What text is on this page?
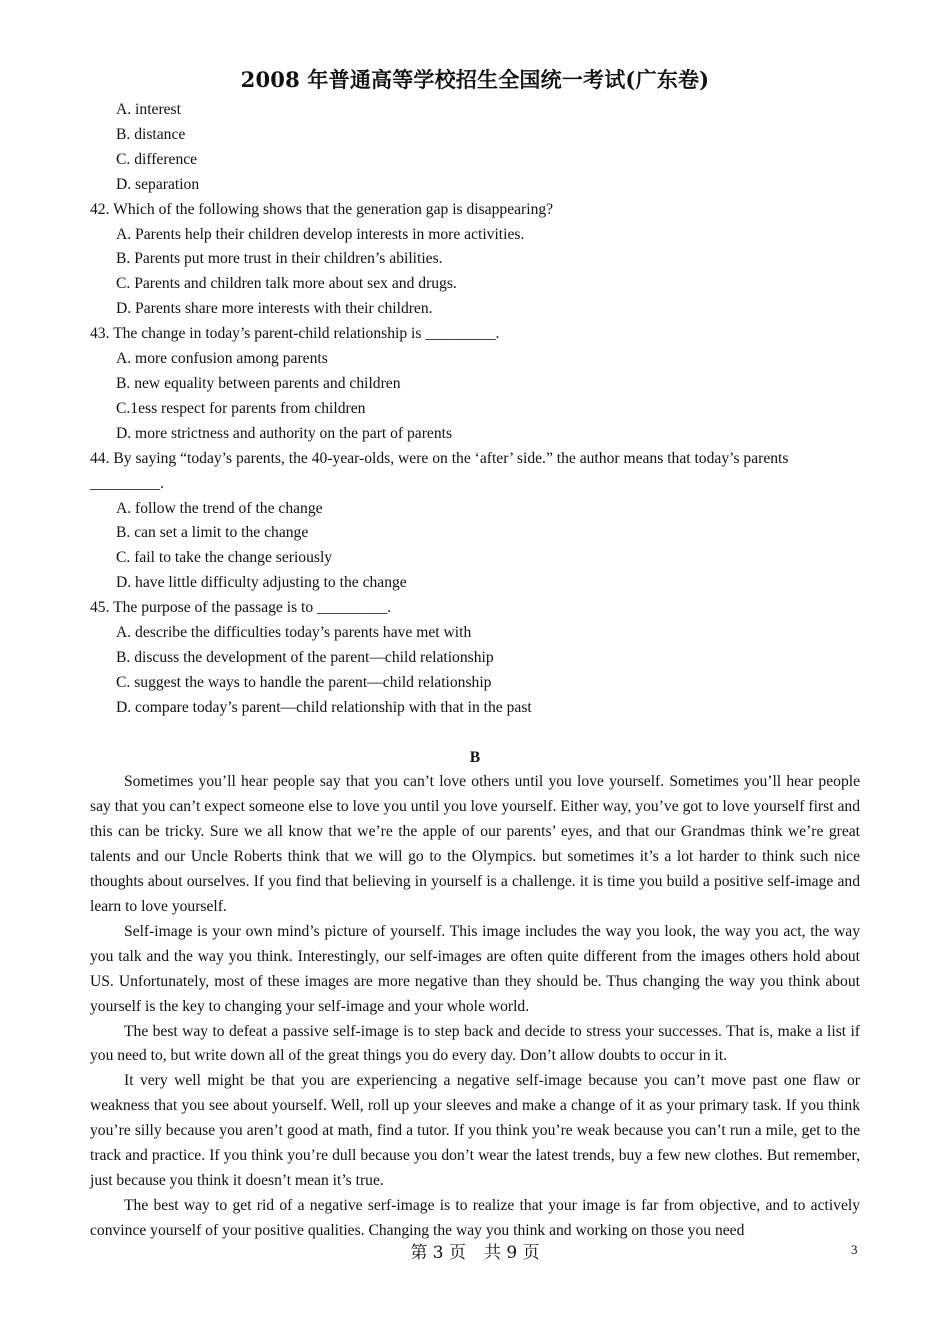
2008 年普通高等学校招生全国统一考试(广东卷)
A. interest
B. distance
C. difference
D. separation
42. Which of the following shows that the generation gap is disappearing?
A. Parents help their children develop interests in more activities.
B. Parents put more trust in their children’s abilities.
C. Parents and children talk more about sex and drugs.
D. Parents share more interests with their children.
43. The change in today’s parent-child relationship is _________.
A. more confusion among parents
B. new equality between parents and children
C.1ess respect for parents from children
D. more strictness and authority on the part of parents
44. By saying “today’s parents, the 40-year-olds, were on the ‘after’ side.” the author means that today’s parents
_________.
A. follow the trend of the change
B. can set a limit to the change
C. fail to take the change seriously
D. have little difficulty adjusting to the change
45. The purpose of the passage is to _________.
A. describe the difficulties today’s parents have met with
B. discuss the development of the parent—child relationship
C. suggest the ways to handle the parent—child relationship
D. compare today’s parent—child relationship with that in the past
B
Sometimes you’ll hear people say that you can’t love others until you love yourself. Sometimes you’ll hear people say that you can’t expect someone else to love you until you love yourself. Either way, you’ve got to love yourself first and this can be tricky. Sure we all know that we’re the apple of our parents’ eyes, and that our Grandmas think we’re great talents and our Uncle Roberts think that we will go to the Olympics. but sometimes it’s a lot harder to think such nice thoughts about ourselves. If you find that believing in yourself is a challenge. it is time you build a positive self-image and learn to love yourself.
Self-image is your own mind’s picture of yourself. This image includes the way you look, the way you act, the way you talk and the way you think. Interestingly, our self-images are often quite different from the images others hold about US. Unfortunately, most of these images are more negative than they should be. Thus changing the way you think about yourself is the key to changing your self-image and your whole world.
The best way to defeat a passive self-image is to step back and decide to stress your successes. That is, make a list if you need to, but write down all of the great things you do every day. Don’t allow doubts to occur in it.
It very well might be that you are experiencing a negative self-image because you can’t move past one flaw or weakness that you see about yourself. Well, roll up your sleeves and make a change of it as your primary task. If you think you’re silly because you aren’t good at math, find a tutor. If you think you’re weak because you can’t run a mile, get to the track and practice. If you think you’re dull because you don’t wear the latest trends, buy a few new clothes. But remember, just because you think it doesn’t mean it’s true.
The best way to get rid of a negative serf-image is to realize that your image is far from objective, and to actively convince yourself of your positive qualities. Changing the way you think and working on those you need
第 3 页 共 9 页	3
